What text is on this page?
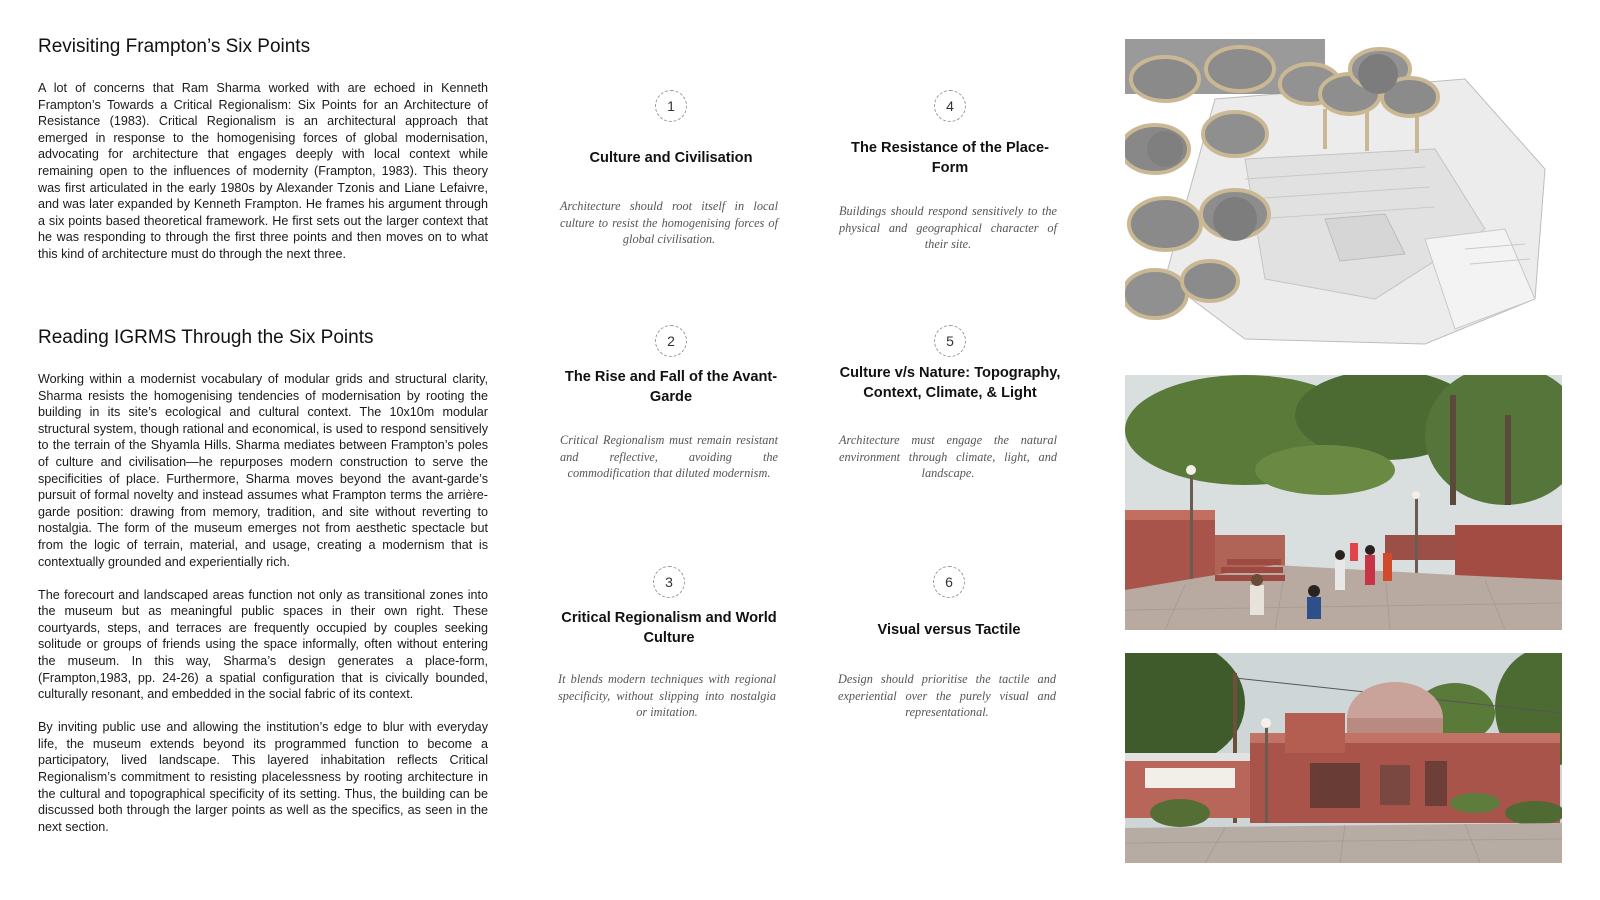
Revisiting Frampton’s Six Points

A lot of concerns that Ram Sharma worked with are echoed in Kenneth Frampton’s Towards a Critical Regionalism: Six Points for an Architecture of Resistance (1983). Critical Regionalism is an architectural approach that emerged in response to the homogenising forces of global modernisation, advocating for architecture that engages deeply with local context while remaining open to the influences of modernity (Frampton, 1983). This theory was first articulated in the early 1980s by Alexander Tzonis and Liane Lefaivre, and was later expanded by Kenneth Frampton. He frames his argument through a six points based theoretical framework. He first sets out the larger context that he was responding to through the first three points and then moves on to what this kind of architecture must do through the next three.

Reading IGRMS Through the Six Points

Working within a modernist vocabulary of modular grids and structural clarity, Sharma resists the homogenising tendencies of modernisation by rooting the building in its site’s ecological and cultural context. The 10x10m modular structural system, though rational and economical, is used to respond sensitively to the terrain of the Shyamla Hills. Sharma mediates between Frampton’s poles of culture and civilisation—he repurposes modern construction to serve the specificities of place. Furthermore, Sharma moves beyond the avant-garde’s pursuit of formal novelty and instead assumes what Frampton terms the arrière-garde position: drawing from memory, tradition, and site without reverting to nostalgia. The form of the museum emerges not from aesthetic spectacle but from the logic of terrain, material, and usage, creating a modernism that is contextually grounded and experientially rich.

The forecourt and landscaped areas function not only as transitional zones into the museum but as meaningful public spaces in their own right. These courtyards, steps, and terraces are frequently occupied by couples seeking solitude or groups of friends using the space informally, often without entering the museum. In this way, Sharma’s design generates a place-form, (Frampton,1983, pp. 24-26) a spatial configuration that is civically bounded, culturally resonant, and embedded in the social fabric of its context.

By inviting public use and allowing the institution’s edge to blur with everyday life, the museum extends beyond its programmed function to become a participatory, lived landscape. This layered inhabitation reflects Critical Regionalism’s commitment to resisting placelessness by rooting architecture in the cultural and topographical specificity of its setting. Thus, the building can be discussed both through the larger points as well as the specifics, as seen in the next section.

1
Culture and Civilisation

Architecture should root itself in local culture to resist the homogenising forces of global civilisation.

4
The Resistance of the Place-Form

Buildings should respond sensitively to the physical and geographical character of their site.

2
The Rise and Fall of the Avant-Garde

Critical Regionalism must remain resistant and reflective, avoiding the commodification that diluted modernism.

5
Culture v/s Nature: Topography, Context, Climate, & Light

Architecture must engage the natural environment through climate, light, and landscape.

3
Critical Regionalism and World Culture

It blends modern techniques with regional specificity, without slipping into nostalgia or imitation.

6
Visual versus Tactile

Design should prioritise the tactile and experiential over the purely visual and representational.
